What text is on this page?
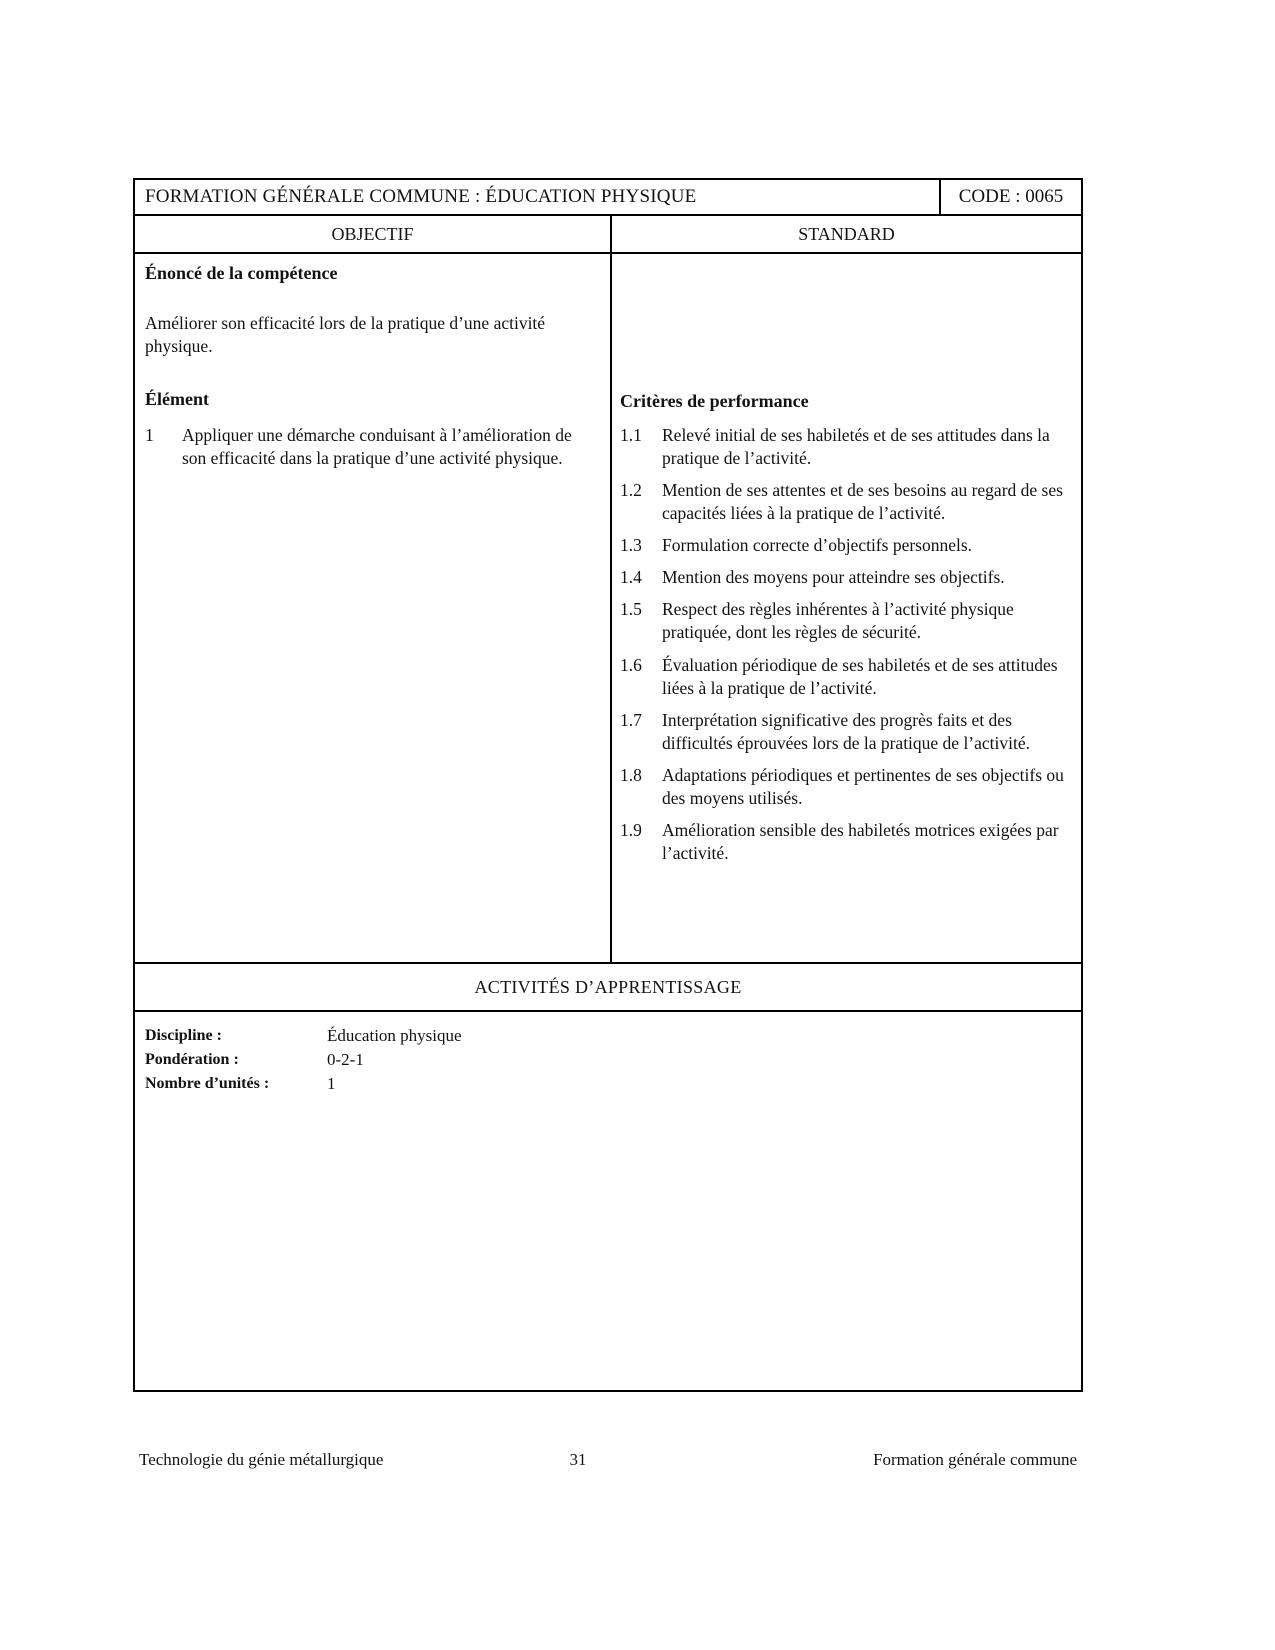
FORMATION GÉNÉRALE COMMUNE : ÉDUCATION PHYSIQUE	CODE : 0065
OBJECTIF	STANDARD
Énoncé de la compétence
Améliorer son efficacité lors de la pratique d’une activité physique.
Élément
1	Appliquer une démarche conduisant à l’amélioration de son efficacité dans la pratique d’une activité physique.
Critères de performance
1.1	Relevé initial de ses habiletés et de ses attitudes dans la pratique de l’activité.
1.2	Mention de ses attentes et de ses besoins au regard de ses capacités liées à la pratique de l’activité.
1.3	Formulation correcte d’objectifs personnels.
1.4	Mention des moyens pour atteindre ses objectifs.
1.5	Respect des règles inhérentes à l’activité physique pratiquée, dont les règles de sécurité.
1.6	Évaluation périodique de ses habiletés et de ses attitudes liées à la pratique de l’activité.
1.7	Interprétation significative des progrès faits et des difficultés éprouvées lors de la pratique de l’activité.
1.8	Adaptations périodiques et pertinentes de ses objectifs ou des moyens utilisés.
1.9	Amélioration sensible des habiletés motrices exigées par l’activité.
ACTIVITÉS D’APPRENTISSAGE
Discipline :	Éducation physique
Pondération :	0-2-1
Nombre d’unités :	1
Technologie du génie métallurgique	31	Formation générale commune
